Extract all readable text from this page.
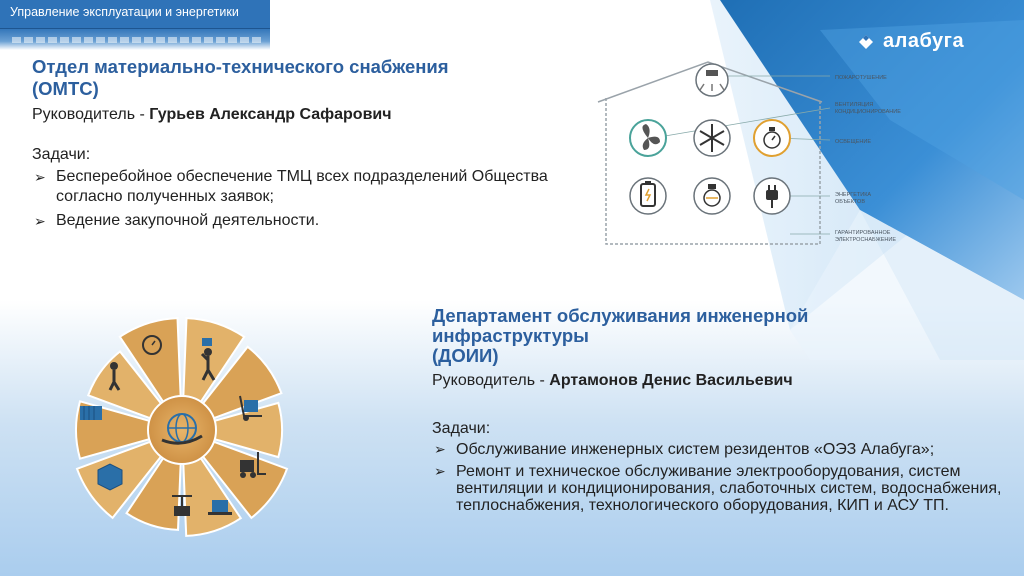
Управление эксплуатации и энергетики
алабуга
Отдел материально-технического снабжения
(ОМТС)
Руководитель - Гурьев Александр Сафарович
Задачи:
➢ Бесперебойное обеспечение ТМЦ всех подразделений Общества согласно полученных заявок;
➢ Ведение закупочной деятельности.
ПОЖАРОТУШЕНИЕ
ВЕНТИЛЯЦИЯ КОНДИЦИОНИРОВАНИЕ
ОСВЕЩЕНИЕ
ЭНЕРГЕТИКА ОБЪЕКТОВ
ГАРАНТИРОВАННОЕ ЭЛЕКТРОСНАБЖЕНИЕ
Департамент обслуживания инженерной
инфраструктуры
(ДОИИ)
Руководитель - Артамонов Денис Васильевич
Задачи:
➢ Обслуживание инженерных систем резидентов «ОЭЗ Алабуга»;
➢ Ремонт и техническое обслуживание электрооборудования, систем вентиляции и кондиционирования, слаботочных систем, водоснабжения, теплоснабжения, технологического оборудования, КИП и АСУ ТП.
